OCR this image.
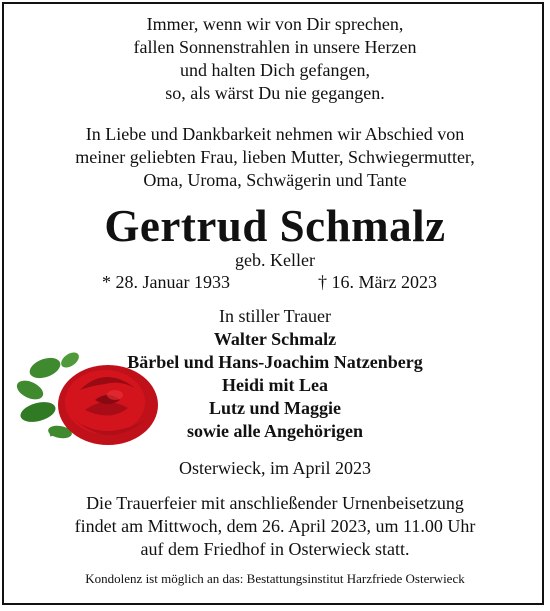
Immer, wenn wir von Dir sprechen,
fallen Sonnenstrahlen in unsere Herzen
und halten Dich gefangen,
so, als wärst Du nie gegangen.
In Liebe und Dankbarkeit nehmen wir Abschied von
meiner geliebten Frau, lieben Mutter, Schwiegermutter,
Oma, Uroma, Schwägerin und Tante
Gertrud Schmalz
geb. Keller
* 28. Januar 1933	† 16. März 2023
In stiller Trauer
Walter Schmalz
Bärbel und Hans-Joachim Natzenberg
Heidi mit Lea
Lutz und Maggie
sowie alle Angehörigen
Osterwieck, im April 2023
Die Trauerfeier mit anschließender Urnenbeisetzung
findet am Mittwoch, dem 26. April 2023, um 11.00 Uhr
auf dem Friedhof in Osterwieck statt.
Kondolenz ist möglich an das: Bestattungsinstitut Harzfriede Osterwieck
